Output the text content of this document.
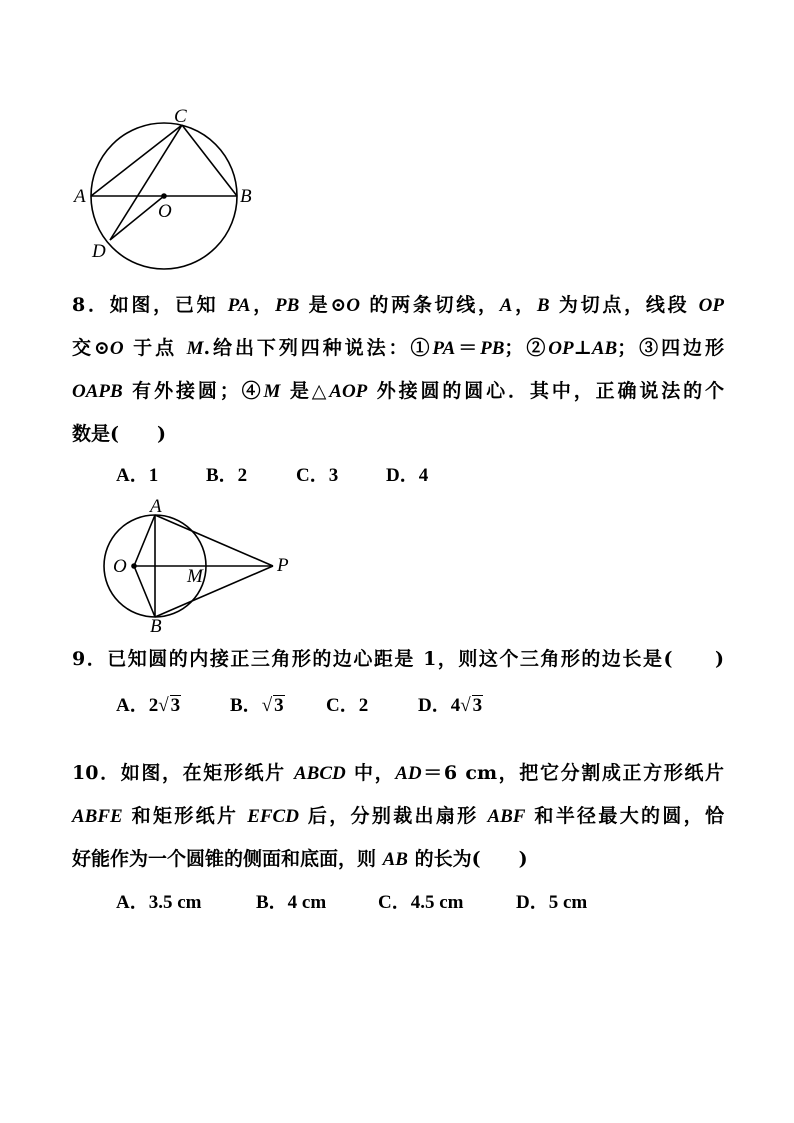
C
A	B
O
D
8．如图，已知 PA，PB 是⊙O 的两条切线，A，B 为切点，线段 OP
交⊙O 于点 M.给出下列四种说法：①PA＝PB；②OP⊥AB；③四边形
OAPB 有外接圆；④M 是△AOP 外接圆的圆心．其中，正确说法的个
数是(　　)
A．1	B．2	C．3	D．4
A
O	M
P
B
9．已知圆的内接正三角形的边心距是 1，则这个三角形的边长是(　　)
A．2√ 3	B．√ 3 C．2	D．4√ 3
10．如图，在矩形纸片 ABCD 中，AD＝6 cm，把它分割成正方形纸片
ABFE 和矩形纸片 EFCD 后，分别裁出扇形 ABF 和半径最大的圆，恰
好能作为一个圆锥的侧面和底面，则 AB 的长为(　　)
A．3.5 cm	B．4 cm	C．4.5 cm	D．5 cm
